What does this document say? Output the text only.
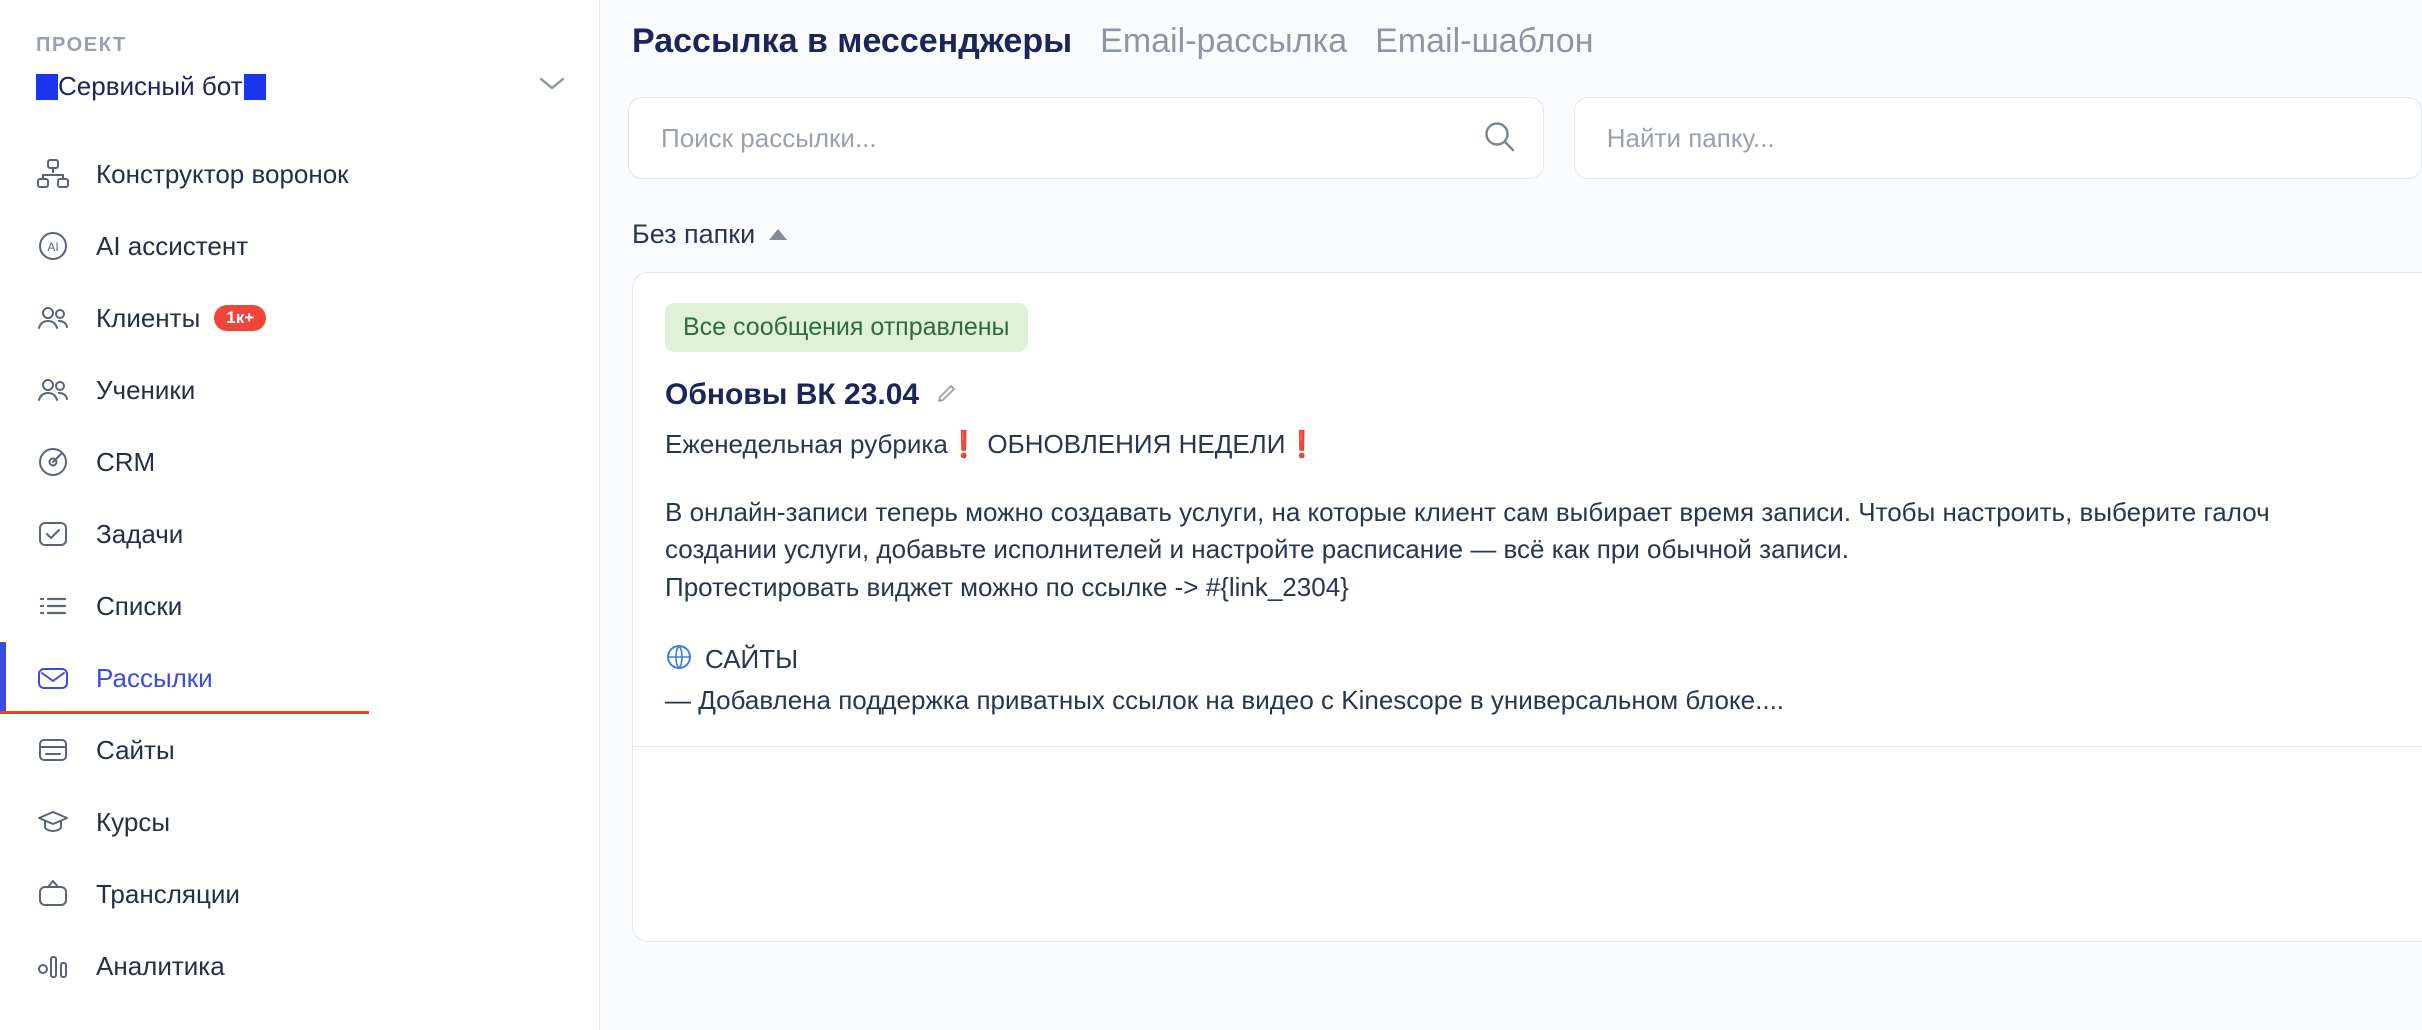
ПРОЕКТ
Сервисный бот
Конструктор воронок
AI AI ассистент
Клиенты	1к+
Ученики
CRM
Задачи
Списки
Рассылки
Сайты
Курсы
Трансляции
Аналитика
Рассылка в мессенджеры Email-рассылка Email-шаблон
Поиск рассылки...
Найти папку...
Без папки
Все сообщения отправлены
Обновы ВК 23.04
Еженедельная рубрика❗ ОБНОВЛЕНИЯ НЕДЕЛИ❗
В онлайн-записи теперь можно создавать услуги, на которые клиент сам выбирает время записи. Чтобы настроить, выберите галоч
создании услуги, добавьте исполнителей и настройте расписание — всё как при обычной записи.
Протестировать виджет можно по ссылке -> #{link_2304}
САЙТЫ
— Добавлена поддержка приватных ссылок на видео с Kinescope в универсальном блоке....
